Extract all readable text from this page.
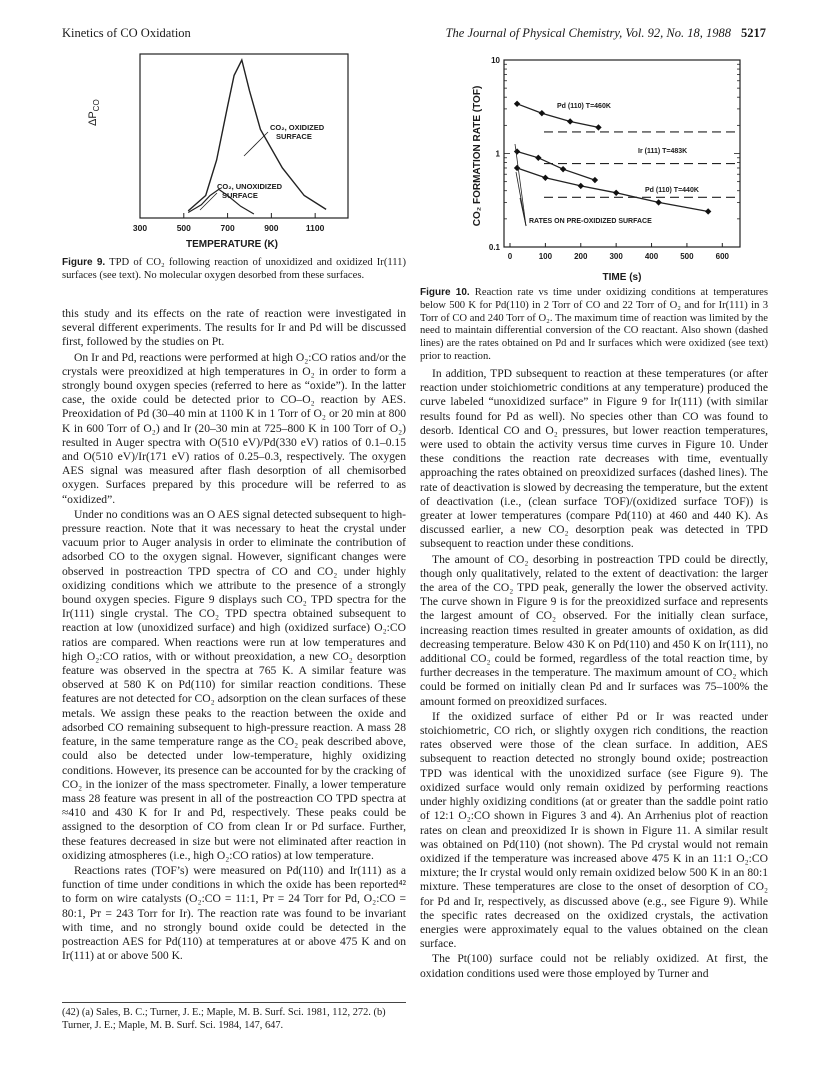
Kinetics of CO Oxidation	The Journal of Physical Chemistry, Vol. 92, No. 18, 1988 5217
$\Delta P_{CO}$
300	500	700	900	1100
CO₂, OXIDIZED
SURFACE
CO₂, UNOXIDIZED
SURFACE
TEMPERATURE (K)
Figure 9. TPD of CO₂ following reaction of unoxidized and oxidized Ir(111) surfaces (see text). No molecular oxygen desorbed from these surfaces.
CO₂ FORMATION RATE (TOF)
0	100	200	300	400	500	600
10
1
0.1
Pd (110) T=460K
Ir (111) T=483K
Pd (110) T=440K
RATES ON PRE-OXIDIZED SURFACE
TIME (s)
Figure 10. Reaction rate vs time under oxidizing conditions at temperatures below 500 K for Pd(110) in 2 Torr of CO and 22 Torr of O₂ and for Ir(111) in 3 Torr of CO and 240 Torr of O₂. The maximum time of reaction was limited by the need to maintain differential conversion of the CO reactant. Also shown (dashed lines) are the rates obtained on Pd and Ir surfaces which were oxidized (see text) prior to reaction.

this study and its effects on the rate of reaction were investigated in several different experiments. The results for Ir and Pd will be discussed first, followed by the studies on Pt.

On Ir and Pd, reactions were performed at high O₂:CO ratios and/or the crystals were preoxidized at high temperatures in O₂ in order to form a strongly bound oxygen species (referred to here as “oxide”). In the latter case, the oxide could be detected prior to CO–O₂ reaction by AES. Preoxidation of Pd (30–40 min at 1100 K in 1 Torr of O₂ or 20 min at 800 K in 600 Torr of O₂) and Ir (20–30 min at 725–800 K in 100 Torr of O₂) resulted in Auger spectra with O(510 eV)/Pd(330 eV) ratios of 0.1–0.15 and O(510 eV)/Ir(171 eV) ratios of 0.25–0.3, respectively. The oxygen AES signal was measured after flash desorption of all chemisorbed oxygen. Surfaces prepared by this procedure will be referred to as “oxidized”.

Under no conditions was an O AES signal detected subsequent to high-pressure reaction. Note that it was necessary to heat the crystal under vacuum prior to Auger analysis in order to eliminate the contribution of adsorbed CO to the oxygen signal. However, significant changes were observed in postreaction TPD spectra of CO and CO₂ under highly oxidizing conditions which we attribute to the presence of a strongly bound oxygen species. Figure 9 displays such CO₂ TPD spectra for the Ir(111) single crystal. The CO₂ TPD spectra obtained subsequent to reaction at low (unoxidized surface) and high (oxidized surface) O₂:CO ratios are compared. When reactions were run at low temperatures and high O₂:CO ratios, with or without preoxidation, a new CO₂ desorption feature was observed in the spectra at 765 K. A similar feature was observed at 580 K on Pd(110) for similar reaction conditions. These features are not detected for CO₂ adsorption on the clean surfaces of these metals. We assign these peaks to the reaction between the oxide and adsorbed CO remaining subsequent to high-pressure reaction. A mass 28 feature, in the same temperature range as the CO₂ peak described above, could also be detected under low-temperature, highly oxidizing conditions. However, its presence can be accounted for by the cracking of CO₂ in the ionizer of the mass spectrometer. Finally, a lower temperature mass 28 feature was present in all of the postreaction CO TPD spectra at ≈410 and 430 K for Ir and Pd, respectively. These peaks could be assigned to the desorption of CO from clean Ir or Pd surface. Further, these features decreased in size but were not eliminated after reaction in oxidizing atmospheres (i.e., high O₂:CO ratios) at low temperature.

Reactions rates (TOF’s) were measured on Pd(110) and Ir(111) as a function of time under conditions in which the oxide has been reported⁴² to form on wire catalysts (O₂:CO = 11:1, Pᴛ = 24 Torr for Pd, O₂:CO = 80:1, Pᴛ = 243 Torr for Ir). The reaction rate was found to be invariant with time, and no strongly bound oxide could be detected in the postreaction AES for Pd(110) at temperatures at or above 475 K and on Ir(111) at or above 500 K.

(42) (a) Sales, B. C.; Turner, J. E.; Maple, M. B. Surf. Sci. 1981, 112, 272. (b) Turner, J. E.; Maple, M. B. Surf. Sci. 1984, 147, 647.

In addition, TPD subsequent to reaction at these temperatures (or after reaction under stoichiometric conditions at any temperature) produced the curve labeled “unoxidized surface” in Figure 9 for Ir(111) (with similar results found for Pd as well). No species other than CO was found to desorb. Identical CO and O₂ pressures, but lower reaction temperatures, were used to obtain the activity versus time curves in Figure 10. Under these conditions the reaction rate decreases with time, eventually approaching the rates obtained on preoxidized surfaces (dashed lines). The rate of deactivation is slowed by decreasing the temperature, but the extent of deactivation (i.e., (clean surface TOF)/(oxidized surface TOF)) is greater at lower temperatures (compare Pd(110) at 460 and 440 K). As discussed earlier, a new CO₂ desorption peak was detected in TPD subsequent to reaction under these conditions.

The amount of CO₂ desorbing in postreaction TPD could be directly, though only qualitatively, related to the extent of deactivation: the larger the area of the CO₂ TPD peak, generally the lower the observed activity. The curve shown in Figure 9 is for the preoxidized surface and represents the largest amount of CO₂ observed. For the initially clean surface, increasing reaction times resulted in greater amounts of oxidation, as did decreasing temperature. Below 430 K on Pd(110) and 450 K on Ir(111), no additional CO₂ could be formed, regardless of the total reaction time, by further decreases in the temperature. The maximum amount of CO₂ which could be formed on initially clean Pd and Ir surfaces was 75–100% the amount formed on preoxidized surfaces.

If the oxidized surface of either Pd or Ir was reacted under stoichiometric, CO rich, or slightly oxygen rich conditions, the reaction rates observed were those of the clean surface. In addition, AES subsequent to reaction detected no strongly bound oxide; postreaction TPD was identical with the unoxidized surface (see Figure 9). The oxidized surface would only remain oxidized by performing reactions under highly oxidizing conditions (at or greater than the saddle point ratio of 12:1 O₂:CO shown in Figures 3 and 4). An Arrhenius plot of reaction rates on clean and preoxidized Ir is shown in Figure 11. A similar result was obtained on Pd(110) (not shown). The Pd crystal would not remain oxidized if the temperature was increased above 475 K in an 11:1 O₂:CO mixture; the Ir crystal would only remain oxidized below 500 K in an 80:1 mixture. These temperatures are close to the onset of desorption of CO₂ for Pd and Ir, respectively, as discussed above (e.g., see Figure 9). While the specific rates decreased on the oxidized crystals, the activation energies were approximately equal to the values obtained on the clean surface.

The Pt(100) surface could not be reliably oxidized. At first, the oxidation conditions used were those employed by Turner and
